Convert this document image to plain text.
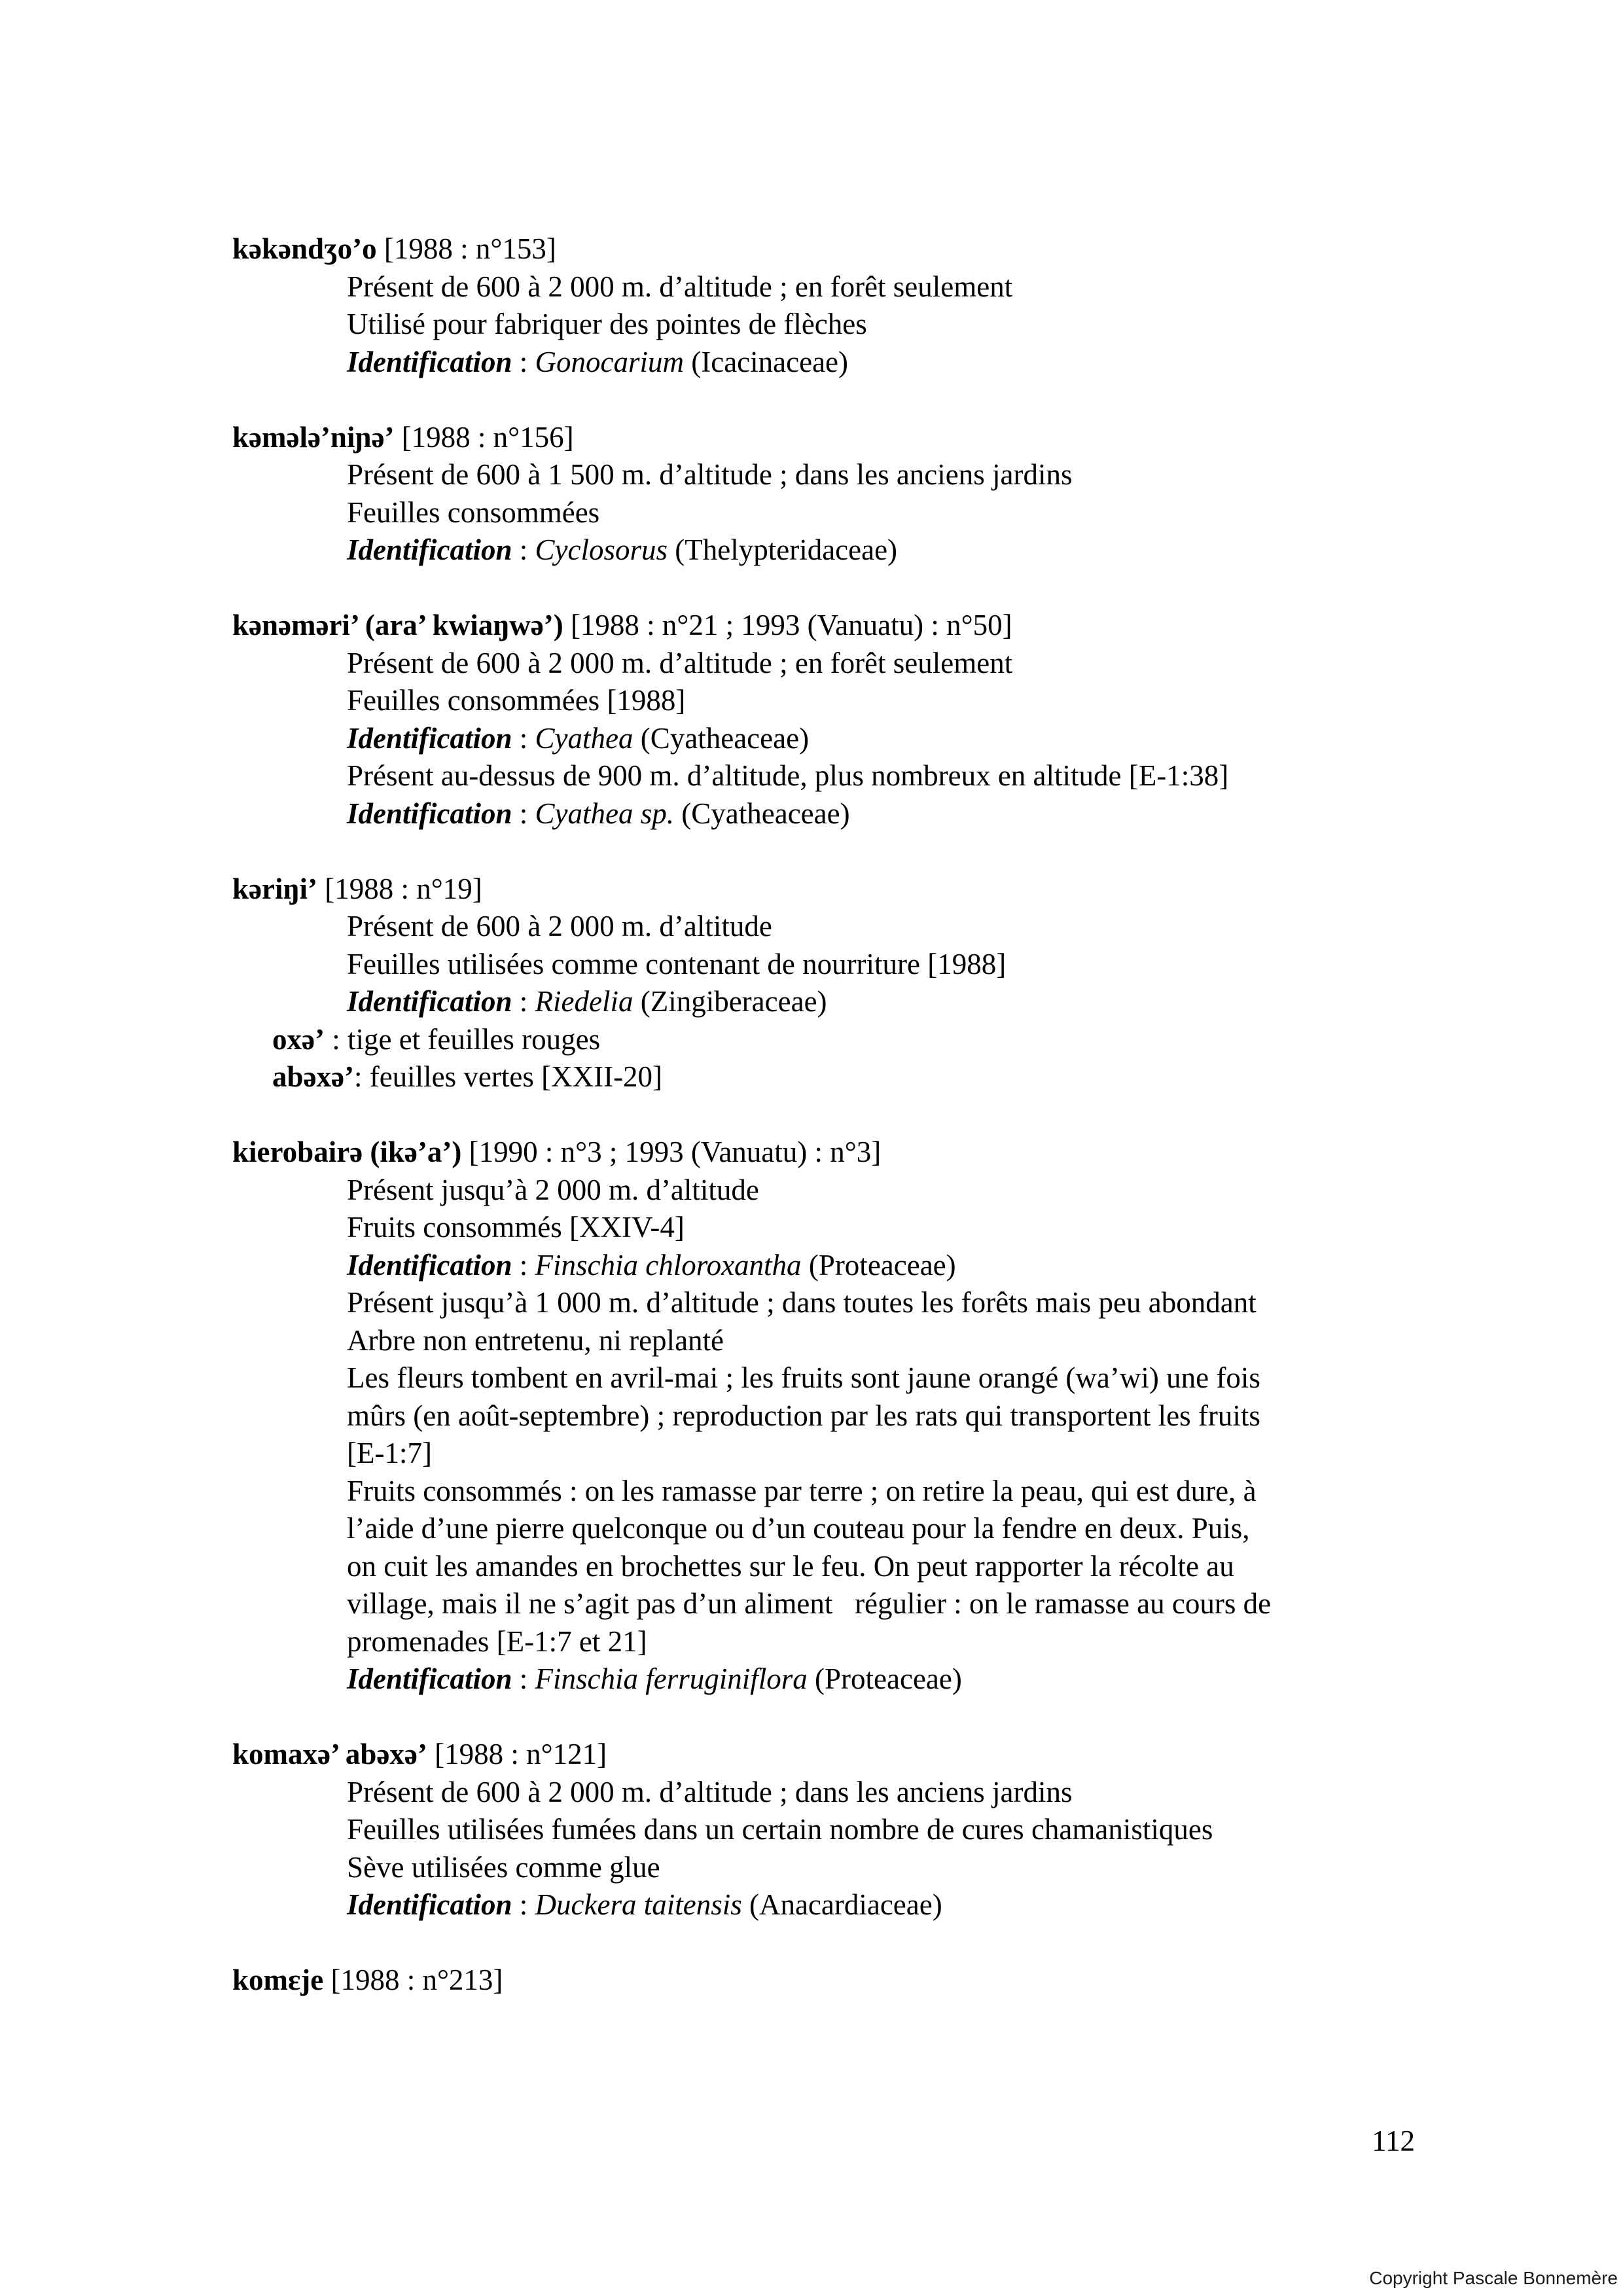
kəkəndʒo’o [1988 : n°153]
Présent de 600 à 2 000 m. d’altitude ; en forêt seulement
Utilisé pour fabriquer des pointes de flèches
Identification : Gonocarium (Icacinaceae)
kəmələ’niɲə’ [1988 : n°156]
Présent de 600 à 1 500 m. d’altitude ; dans les anciens jardins
Feuilles consommées
Identification : Cyclosorus (Thelypteridaceae)
kənəməri’ (ara’ kwiaŋwə’) [1988 : n°21 ; 1993 (Vanuatu) : n°50]
Présent de 600 à 2 000 m. d’altitude ; en forêt seulement
Feuilles consommées [1988]
Identification : Cyathea (Cyatheaceae)
Présent au-dessus de 900 m. d’altitude, plus nombreux en altitude [E-1:38]
Identification : Cyathea sp. (Cyatheaceae)
kəriŋi’ [1988 : n°19]
Présent de 600 à 2 000 m. d’altitude
Feuilles utilisées comme contenant de nourriture [1988]
Identification : Riedelia (Zingiberaceae)
oxə’ : tige et feuilles rouges
abəxə’: feuilles vertes [XXII-20]
kierobairə (ikə’a’) [1990 : n°3 ; 1993 (Vanuatu) : n°3]
Présent jusqu’à 2 000 m. d’altitude
Fruits consommés [XXIV-4]
Identification : Finschia chloroxantha (Proteaceae)
Présent jusqu’à 1 000 m. d’altitude ; dans toutes les forêts mais peu abondant
Arbre non entretenu, ni replanté
Les fleurs tombent en avril-mai ; les fruits sont jaune orangé (wa’wi) une fois
mûrs (en août-septembre) ; reproduction par les rats qui transportent les fruits
[E-1:7]
Fruits consommés : on les ramasse par terre ; on retire la peau, qui est dure, à
l’aide d’une pierre quelconque ou d’un couteau pour la fendre en deux. Puis,
on cuit les amandes en brochettes sur le feu. On peut rapporter la récolte au
village, mais il ne s’agit pas d’un aliment   régulier : on le ramasse au cours de
promenades [E-1:7 et 21]
Identification : Finschia ferruginiflora (Proteaceae)
komaxə’ abəxə’ [1988 : n°121]
Présent de 600 à 2 000 m. d’altitude ; dans les anciens jardins
Feuilles utilisées fumées dans un certain nombre de cures chamanistiques
Sève utilisées comme glue
Identification : Duckera taitensis (Anacardiaceae)
komɛje [1988 : n°213]
112
Copyright Pascale Bonnemère
